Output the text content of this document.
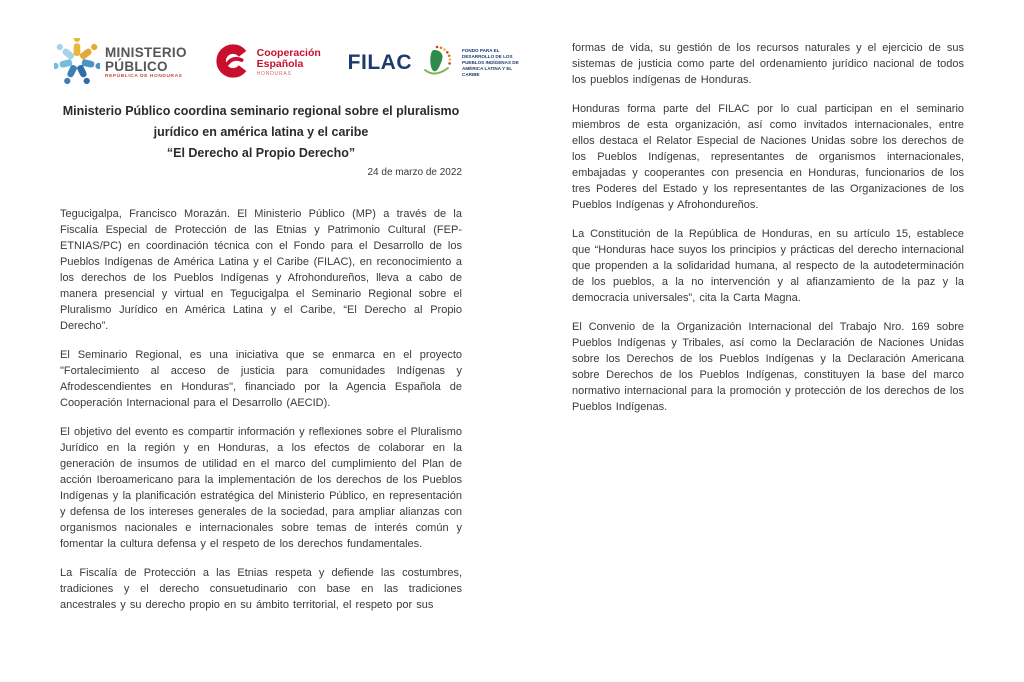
MINISTERIO
PÚBLICO
REPÚBLICA DE HONDURAS
Cooperación
Española
HONDURAS
FILAC
FONDO PARA EL DESARROLLO DE LOS PUEBLOS INDÍGENAS DE AMÉRICA LATINA Y EL CARIBE
Ministerio Público coordina seminario regional sobre el pluralismo
jurídico en américa latina y el caribe
“El Derecho al Propio Derecho”
24 de marzo de 2022

Tegucigalpa, Francisco Morazán. El Ministerio Público (MP) a través de la Fiscalía Especial de Protección de las Etnias y Patrimonio Cultural (FEP-ETNIAS/PC) en coordinación técnica con el Fondo para el Desarrollo de los Pueblos Indígenas de América Latina y el Caribe (FILAC), en reconocimiento a los derechos de los Pueblos Indígenas y Afrohondureños, lleva a cabo de manera presencial y virtual en Tegucigalpa el Seminario Regional sobre el Pluralismo Jurídico en América Latina y el Caribe, “El Derecho al Propio Derecho”.

El Seminario Regional, es una iniciativa que se enmarca en el proyecto "Fortalecimiento al acceso de justicia para comunidades Indígenas y Afrodescendientes en Honduras", financiado por la Agencia Española de Cooperación Internacional para el Desarrollo (AECID).

El objetivo del evento es compartir información y reflexiones sobre el Pluralismo Jurídico en la región y en Honduras, a los efectos de colaborar en la generación de insumos de utilidad en el marco del cumplimiento del Plan de acción Iberoamericano para la implementación de los derechos de los Pueblos Indígenas y la planificación estratégica del Ministerio Público, en representación y defensa de los intereses generales de la sociedad, para ampliar alianzas con organismos nacionales e internacionales sobre temas de interés común y fomentar la cultura defensa y el respeto de los derechos fundamentales.

La Fiscalía de Protección a las Etnias respeta y defiende las costumbres, tradiciones y el derecho consuetudinario con base en las tradiciones ancestrales y su derecho propio en su ámbito territorial, el respeto por sus

formas de vida, su gestión de los recursos naturales y el ejercicio de sus sistemas de justicia como parte del ordenamiento jurídico nacional de todos los pueblos indígenas de Honduras.

Honduras forma parte del FILAC por lo cual participan en el seminario miembros de esta organización, así como invitados internacionales, entre ellos destaca el Relator Especial de Naciones Unidas sobre los derechos de los Pueblos Indígenas, representantes de organismos internacionales, embajadas y cooperantes con presencia en Honduras, funcionarios de los tres Poderes del Estado y los representantes de las Organizaciones de los Pueblos Indígenas y Afrohondureños.

La Constitución de la República de Honduras, en su artículo 15, establece que “Honduras hace suyos los principios y prácticas del derecho internacional que propenden a la solidaridad humana, al respecto de la autodeterminación de los pueblos, a la no intervención y al afianzamiento de la paz y la democracia universales”, cita la Carta Magna.

El Convenio de la Organización Internacional del Trabajo Nro. 169 sobre Pueblos Indígenas y Tribales, así como la Declaración de Naciones Unidas sobre los Derechos de los Pueblos Indígenas y la Declaración Americana sobre Derechos de los Pueblos Indígenas, constituyen la base del marco normativo internacional para la promoción y protección de los derechos de los Pueblos Indígenas.
